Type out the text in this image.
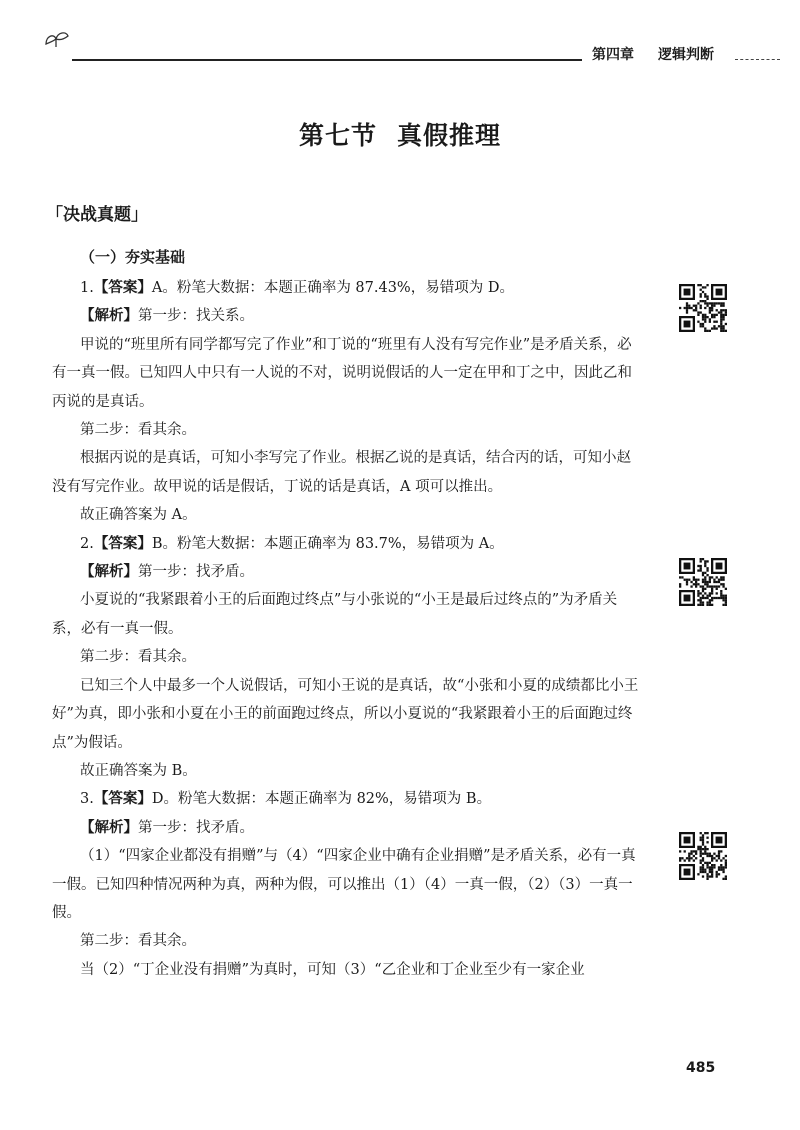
第四章 逻辑判断
第七节 真假推理
「决战真题」
（一）夯实基础

1.【答案】A。粉笔大数据：本题正确率为 87.43%，易错项为 D。

【解析】第一步：找关系。

甲说的“班里所有同学都写完了作业”和丁说的“班里有人没有写完作业”是矛盾关系，必有一真一假。已知四人中只有一人说的不对，说明说假话的人一定在甲和丁之中，因此乙和丙说的是真话。

第二步：看其余。

根据丙说的是真话，可知小李写完了作业。根据乙说的是真话，结合丙的话，可知小赵没有写完作业。故甲说的话是假话，丁说的话是真话，A 项可以推出。

故正确答案为 A。

2.【答案】B。粉笔大数据：本题正确率为 83.7%，易错项为 A。

【解析】第一步：找矛盾。

小夏说的“我紧跟着小王的后面跑过终点”与小张说的“小王是最后过终点的”为矛盾关系，必有一真一假。

第二步：看其余。

已知三个人中最多一个人说假话，可知小王说的是真话，故“小张和小夏的成绩都比小王好”为真，即小张和小夏在小王的前面跑过终点，所以小夏说的“我紧跟着小王的后面跑过终点”为假话。

故正确答案为 B。

3.【答案】D。粉笔大数据：本题正确率为 82%，易错项为 B。

【解析】第一步：找矛盾。

（1）“四家企业都没有捐赠”与（4）“四家企业中确有企业捐赠”是矛盾关系，必有一真一假。已知四种情况两种为真，两种为假，可以推出（1）（4）一真一假，（2）（3）一真一假。

第二步：看其余。

当（2）“丁企业没有捐赠”为真时，可知（3）“乙企业和丁企业至少有一家企业

485
